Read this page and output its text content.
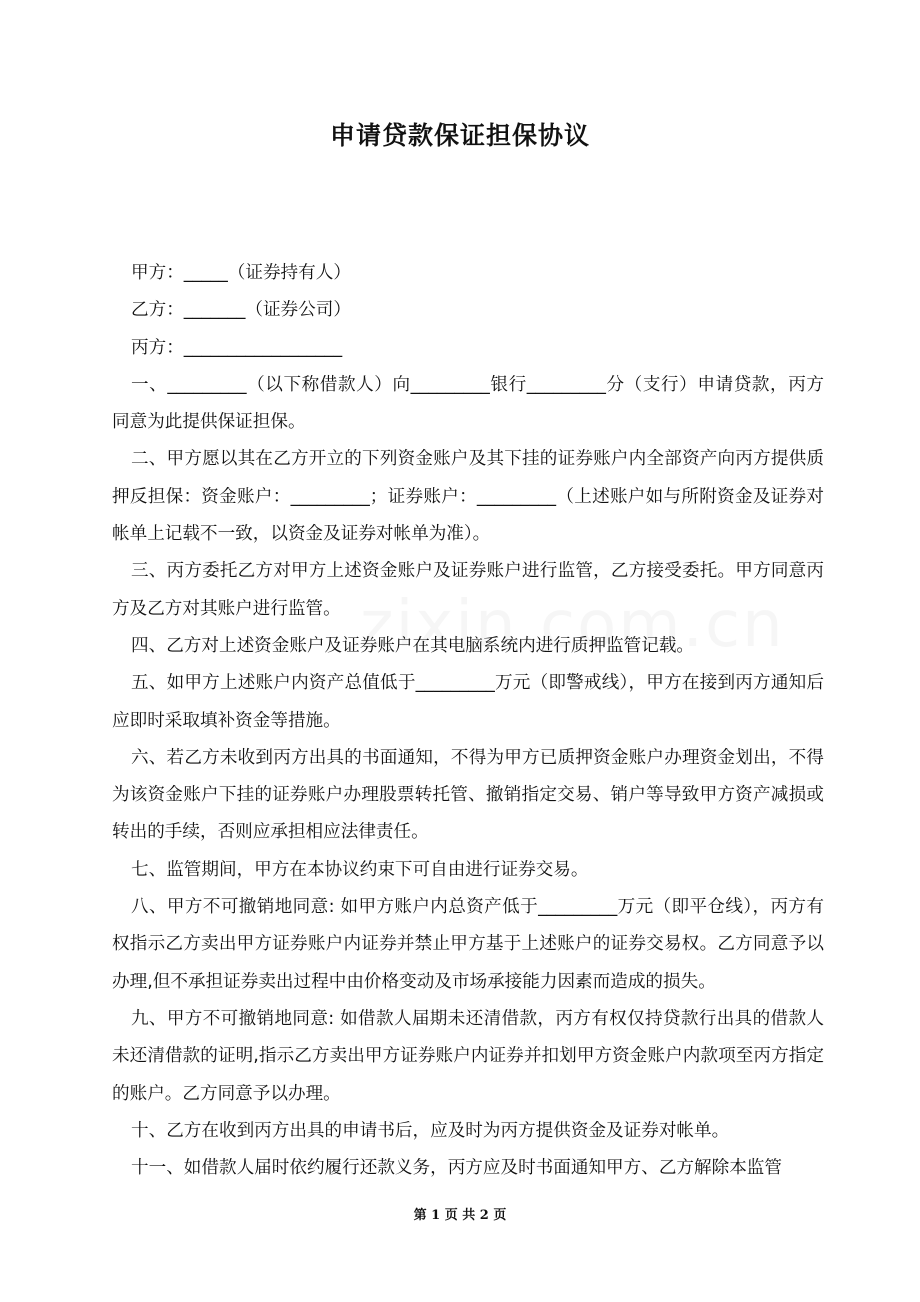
申请贷款保证担保协议

甲方：_____（证券持有人）

乙方：_______（证券公司）

丙方：__________________

一、_________（以下称借款人）向_________银行_________分（支行）申请贷款，丙方同意为此提供保证担保。

二、甲方愿以其在乙方开立的下列资金账户及其下挂的证券账户内全部资产向丙方提供质押反担保：资金账户：_________；证券账户：_________（上述账户如与所附资金及证券对帐单上记载不一致，以资金及证券对帐单为准）。

三、丙方委托乙方对甲方上述资金账户及证券账户进行监管，乙方接受委托。甲方同意丙方及乙方对其账户进行监管。

四、乙方对上述资金账户及证券账户在其电脑系统内进行质押监管记载。

五、如甲方上述账户内资产总值低于_________万元（即警戒线），甲方在接到丙方通知后应即时采取填补资金等措施。

六、若乙方未收到丙方出具的书面通知，不得为甲方已质押资金账户办理资金划出，不得为该资金账户下挂的证券账户办理股票转托管、撤销指定交易、销户等导致甲方资产减损或转出的手续，否则应承担相应法律责任。

七、监管期间，甲方在本协议约束下可自由进行证券交易。

八、甲方不可撤销地同意: 如甲方账户内总资产低于_________万元（即平仓线），丙方有权指示乙方卖出甲方证券账户内证券并禁止甲方基于上述账户的证券交易权。乙方同意予以办理,但不承担证券卖出过程中由价格变动及市场承接能力因素而造成的损失。

九、甲方不可撤销地同意: 如借款人届期未还清借款，丙方有权仅持贷款行出具的借款人未还清借款的证明,指示乙方卖出甲方证券账户内证券并扣划甲方资金账户内款项至丙方指定的账户。乙方同意予以办理。

十、乙方在收到丙方出具的申请书后，应及时为丙方提供资金及证券对帐单。

十一、如借款人届时依约履行还款义务，丙方应及时书面通知甲方、乙方解除本监管

第 1 页 共 2 页
